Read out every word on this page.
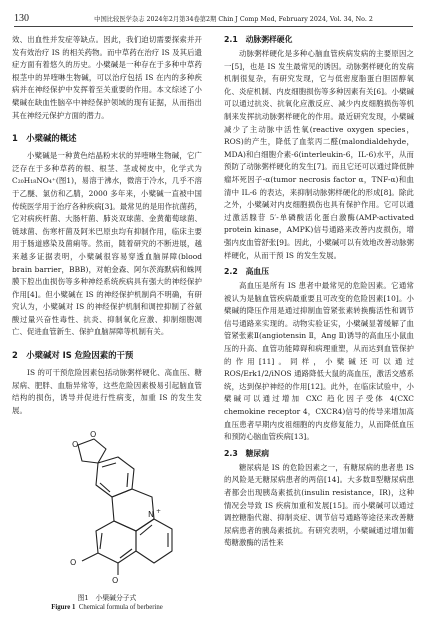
130	中国比较医学杂志 2024年2月第34卷第2期 Chin J Comp Med, February 2024, Vol. 34, No. 2

效、出血性并发症等缺点。因此，我们迫切需要探索并开发有效治疗 IS 的相关药物。而中草药在治疗 IS 及其后遗症方面有着悠久的历史。小檗碱是一种存在于多种中草药根茎中的异喹啉生物碱，可以治疗包括 IS 在内的多种疾病并在神经保护中发挥着至关重要的作用。本文综述了小檗碱在缺血性脑卒中神经保护领域的现有证据，从而指出其在神经元保护方面的潜力。

1　小檗碱的概述

小檗碱是一种黄色结晶粉末状的异喹啉生物碱，它广泛存在于多种草药的根、根茎、茎或树皮中，化学式为 C₂₀H₁₈NO₄⁺(图1)，易溶于沸水，微溶于冷水，几乎不溶于乙醚、氯仿和乙腈，2000 多年来，小檗碱一直被中国传统医学用于治疗各种疾病[3]。最常见的是用作抗菌药，它对病疾杆菌、大肠杆菌、肺炎双球菌、金黄葡萄球菌、链球菌、伤寒杆菌及阿米巴原虫均有抑制作用，临床主要用于肠道感染及菌痢等。然而，随着研究的不断进展，越来越多证据表明，小檗碱很容易穿透血脑屏障(blood brain barrier，BBB)，对帕金森、阿尔茨海默病和蛛网膜下腔出血损伤等多种神经系统疾病具有强大的神经保护作用[4]。但小檗碱在 IS 的神经保护机制尚不明确，有研究认为，小檗碱对 IS 的神经保护机制和调控抑制了谷氨酸过量兴奋性毒性、抗炎、抑制氧化应激、抑制细胞凋亡、促进血管新生、保护血脑屏障等机制有关。

2　小檗碱对 IS 危险因素的干预

IS 的可干预危险因素包括动脉粥样硬化、高血压、糖尿病、肥胖、血脂异常等，这些危险因素极易引起脑血管结构的损伤，诱导并促进行性病变，加重 IS 的发生发展。

O
O
N +
O
O
图1　小檗碱分子式
Figure 1 Chemical formula of berberine
2.1　动脉粥样硬化

动脉粥样硬化是多种心脑血管疾病发病的主要原因之一[5]，也是 IS 发生最常见的诱因。动脉粥样硬化的发病机制很复杂，有研究发现，它与低密度脂蛋白胆固醇氧化、炎症机制、内皮细胞损伤等多种因素有关[6]。小檗碱可以通过抗炎、抗氧化应激反应、减少内皮细胞损伤等机制来发挥抗动脉粥样硬化的作用。最近研究发现，小檗碱减少了主动脉中活性氧(reactive oxygen species，ROS)的产生，降低了血浆丙二醛(malondialdehyde，MDA)和白细胞介素-6(interleukin-6，IL-6)水平，从而预防了动脉粥样硬化的发生[7]。而且它还可以通过降低肿瘤坏死因子-α(tumor necrosis factor α，TNF-α)和血清中 IL-6 的表达，来抑制动脉粥样硬化的形成[8]。除此之外，小檗碱对内皮细胞损伤也具有保护作用。它可以通过激活腺苷 5′-单磷酸活化蛋白激酶(AMP-activated protein kinase，AMPK)信号通路来改善内皮损伤，增强内皮血管舒张[9]。因此，小檗碱可以有效地改善动脉粥样硬化，从而干预 IS 的发生发展。

2.2　高血压

高血压是所有 IS 患者中最常见的危险因素。它通常被认为是脑血管疾病最重要且可改变的危险因素[10]。小檗碱的降压作用是通过抑制血管紧张素转换酶活性和调节信号通路来实现的。动物实验证实，小檗碱显著缓解了血管紧张素Ⅱ(angiotensin Ⅱ，Ang Ⅱ)诱导的高血压小鼠血压的升高、血管功能障碍和病理重塑，从而达到血管保护的作用[11]。同样，小檗碱还可以通过 ROS/Erk1/2/iNOS 通路降低大鼠的高血压，激活交感系统，达到保护神经的作用[12]。此外，在临床试验中，小檗碱可以通过增加 CXC 趋化因子受体 4(CXC chemokine receptor 4，CXCR4)信号的传导来增加高血压患者早期内皮祖细胞的内皮修复能力，从而降低血压和预防心脑血管疾病[13]。

2.3　糖尿病

糖尿病是 IS 的危险因素之一，有糖尿病的患者患 IS 的风险是无糖尿病患者的两倍[14]。大多数Ⅱ型糖尿病患者都会出现胰岛素抵抗(insulin resistance，IR)，这种情况会导致 IS 疾病加重和发展[15]。而小檗碱可以通过调控糖脂代谢、抑制炎症、调节信号通路等途径来改善糖尿病患者的胰岛素抵抗。有研究表明，小檗碱通过增加葡萄糖激酶的活性来
